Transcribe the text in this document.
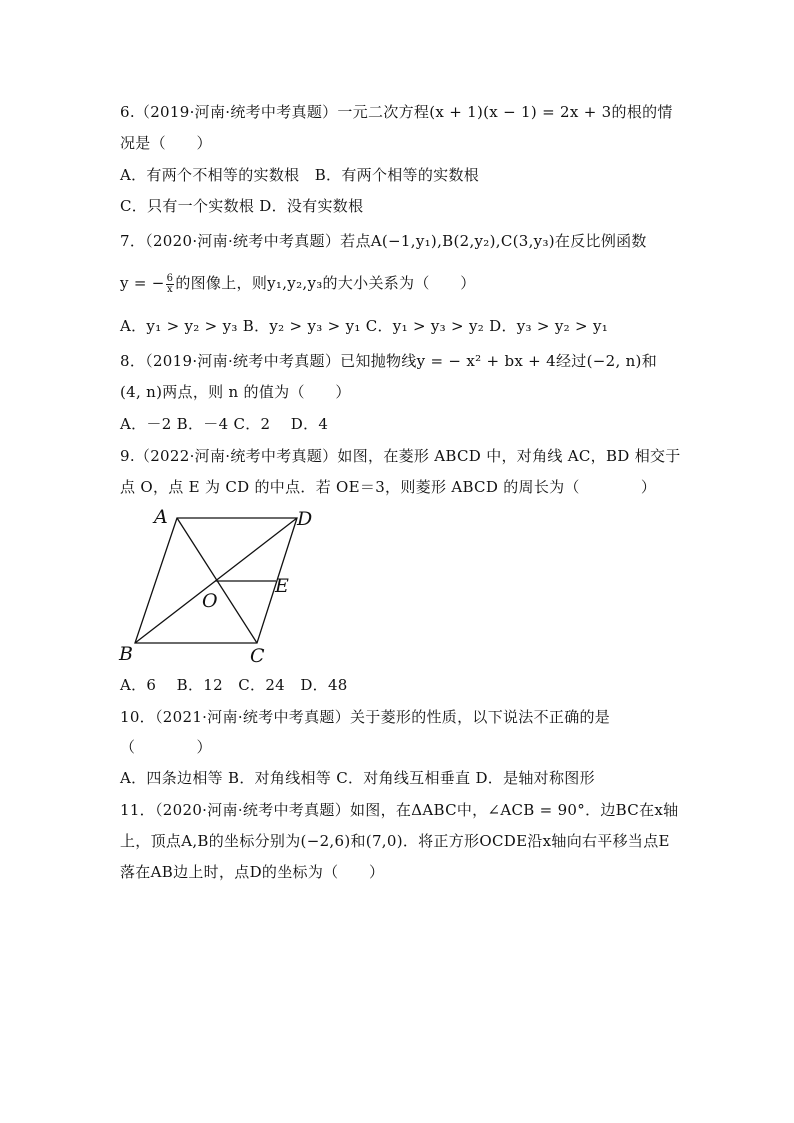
6.（2019·河南·统考中考真题）一元二次方程(x + 1)(x − 1) = 2x + 3的根的情
况是（　　）
A．有两个不相等的实数根　B．有两个相等的实数根
C．只有一个实数根 D．没有实数根
7．（2020·河南·统考中考真题）若点A(−1,y₁),B(2,y₂),C(3,y₃)在反比例函数
y = − $\frac{6}{x}$ 的图像上，则y₁,y₂,y₃的大小关系为（　　）
A．y₁ > y₂ > y₃ B．y₂ > y₃ > y₁ C．y₁ > y₃ > y₂ D．y₃ > y₂ > y₁
8．（2019·河南·统考中考真题）已知抛物线y = − x² + bx + 4经过(−2, n)和
(4, n)两点，则 n 的值为（　　）
A．－2 B．－4 C．2　 D．4
9.（2022·河南·统考中考真题）如图，在菱形 ABCD 中，对角线 AC，BD 相交于
点 O，点 E 为 CD 的中点．若 OE＝3，则菱形 ABCD 的周长为（　　　　）
A	D
O
E
B	C
A．6　 B．12　C．24　D．48
10．（2021·河南·统考中考真题）关于菱形的性质，以下说法不正确的是
（　　　　）
A．四条边相等 B．对角线相等 C．对角线互相垂直 D．是轴对称图形
11．（2020·河南·统考中考真题）如图，在ΔABC中，∠ACB = 90°．边BC在x轴
上，顶点A,B的坐标分别为(−2,6)和(7,0)．将正方形OCDE沿x轴向右平移当点E
落在AB边上时，点D的坐标为（　　）
